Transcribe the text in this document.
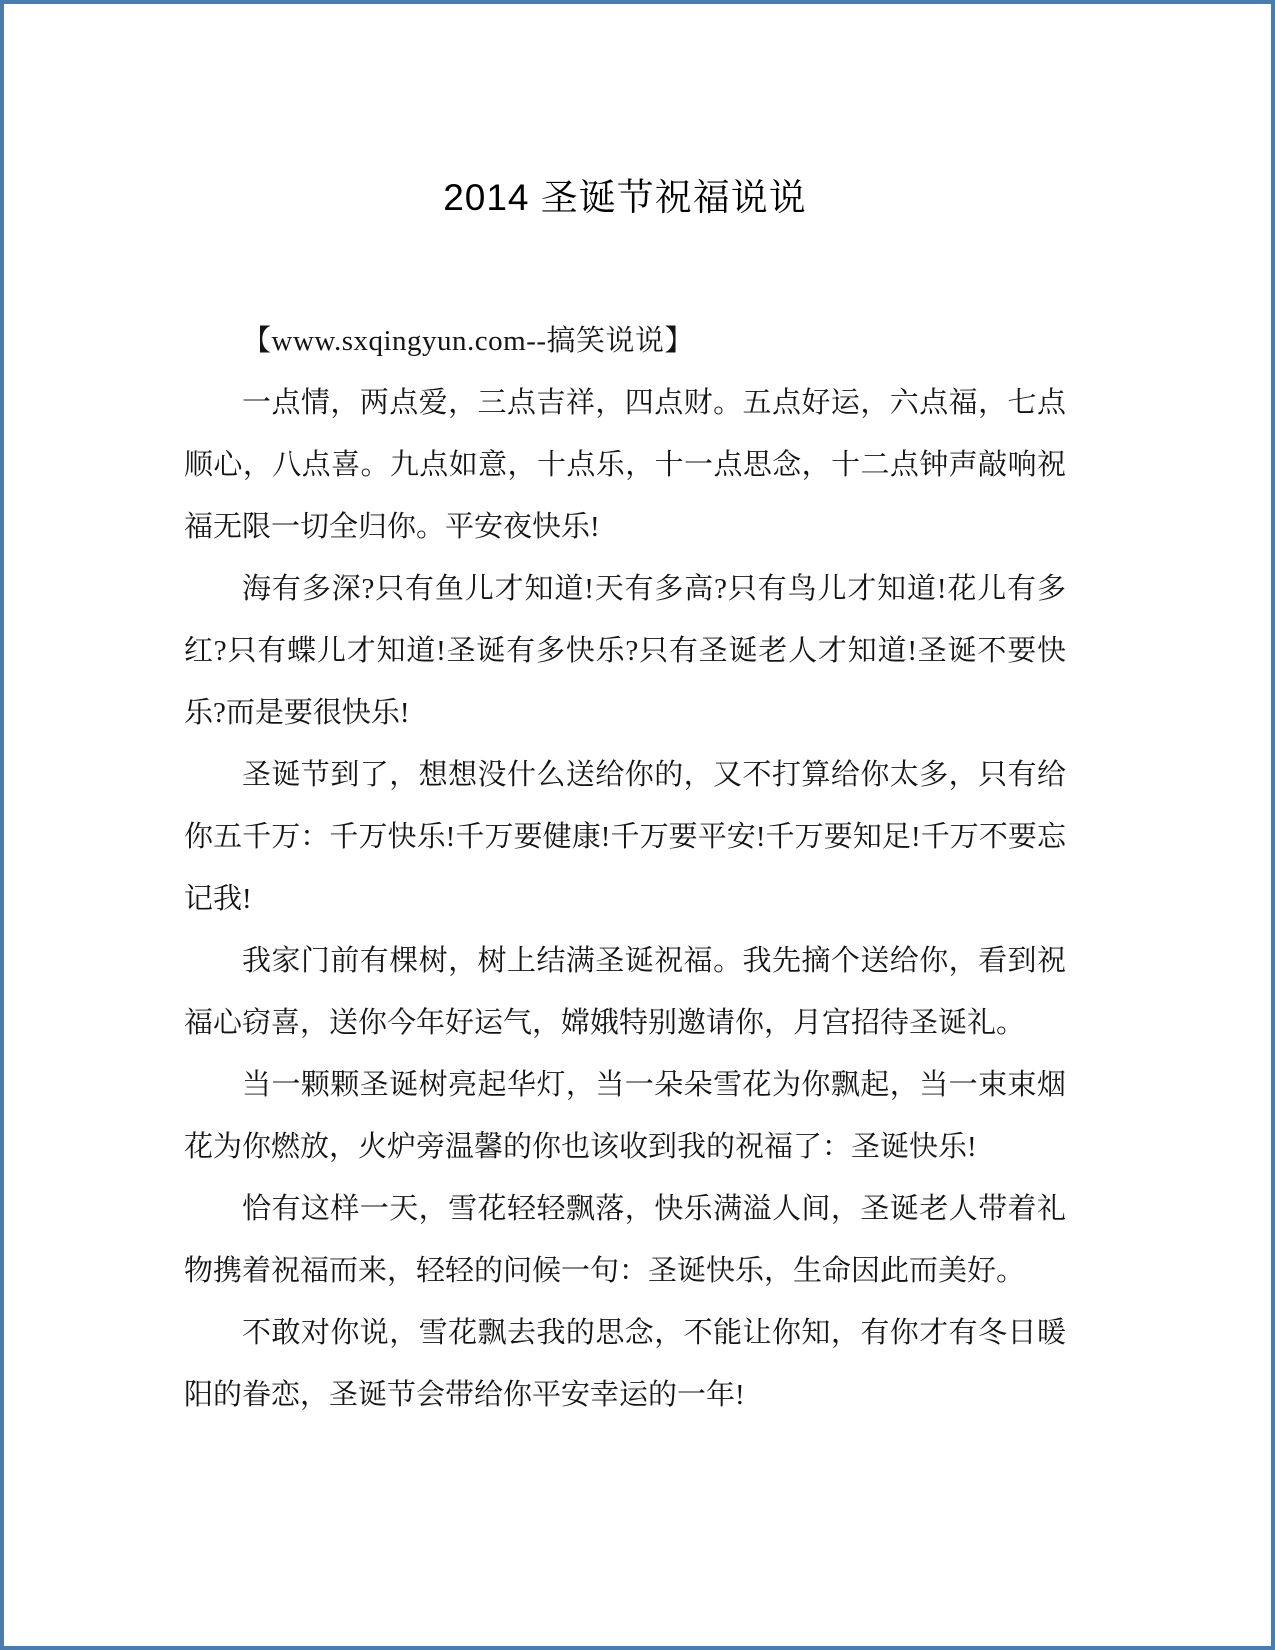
2014 圣诞节祝福说说

【www.sxqingyun.com--搞笑说说】

一点情，两点爱，三点吉祥，四点财。五点好运，六点福，七点顺心，八点喜。九点如意，十点乐，十一点思念，十二点钟声敲响祝福无限一切全归你。平安夜快乐!

海有多深?只有鱼儿才知道!天有多高?只有鸟儿才知道!花儿有多红?只有蝶儿才知道!圣诞有多快乐?只有圣诞老人才知道!圣诞不要快乐?而是要很快乐!

圣诞节到了，想想没什么送给你的，又不打算给你太多，只有给你五千万：千万快乐!千万要健康!千万要平安!千万要知足!千万不要忘记我!

我家门前有棵树，树上结满圣诞祝福。我先摘个送给你，看到祝福心窃喜，送你今年好运气，嫦娥特别邀请你，月宫招待圣诞礼。

当一颗颗圣诞树亮起华灯，当一朵朵雪花为你飘起，当一束束烟花为你燃放，火炉旁温馨的你也该收到我的祝福了：圣诞快乐!

恰有这样一天，雪花轻轻飘落，快乐满溢人间，圣诞老人带着礼物携着祝福而来，轻轻的问候一句：圣诞快乐，生命因此而美好。

不敢对你说，雪花飘去我的思念，不能让你知，有你才有冬日暖阳的眷恋，圣诞节会带给你平安幸运的一年!
